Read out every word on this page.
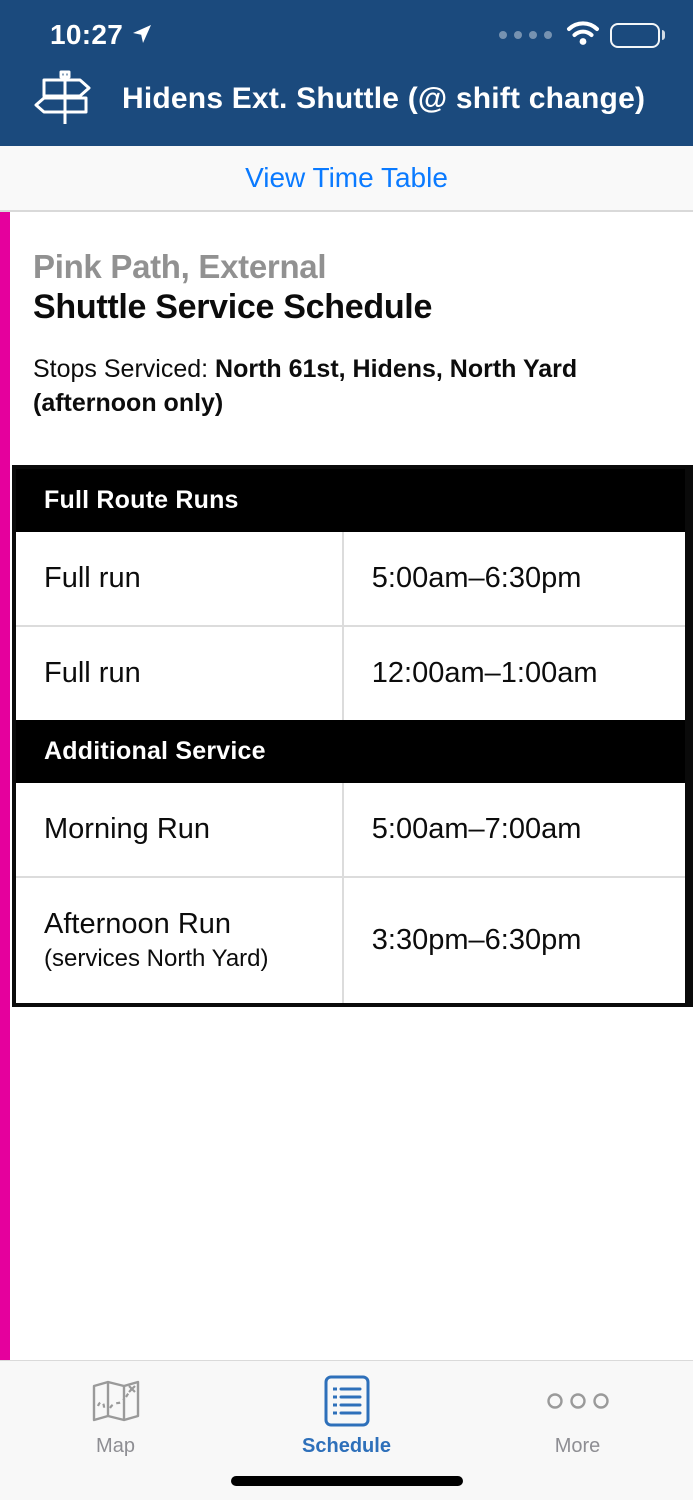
10:27
Hidens Ext. Shuttle (@ shift change)
View Time Table
Pink Path, External
Shuttle Service Schedule

Stops Serviced: North 61st, Hidens, North Yard (afternoon only)

Full Route Runs
Full run	5:00am–6:30pm
Full run	12:00am–1:00am
Additional Service
Morning Run	5:00am–7:00am
Afternoon Run
(services North Yard)
3:30pm–6:30pm
Map	Schedule	More
